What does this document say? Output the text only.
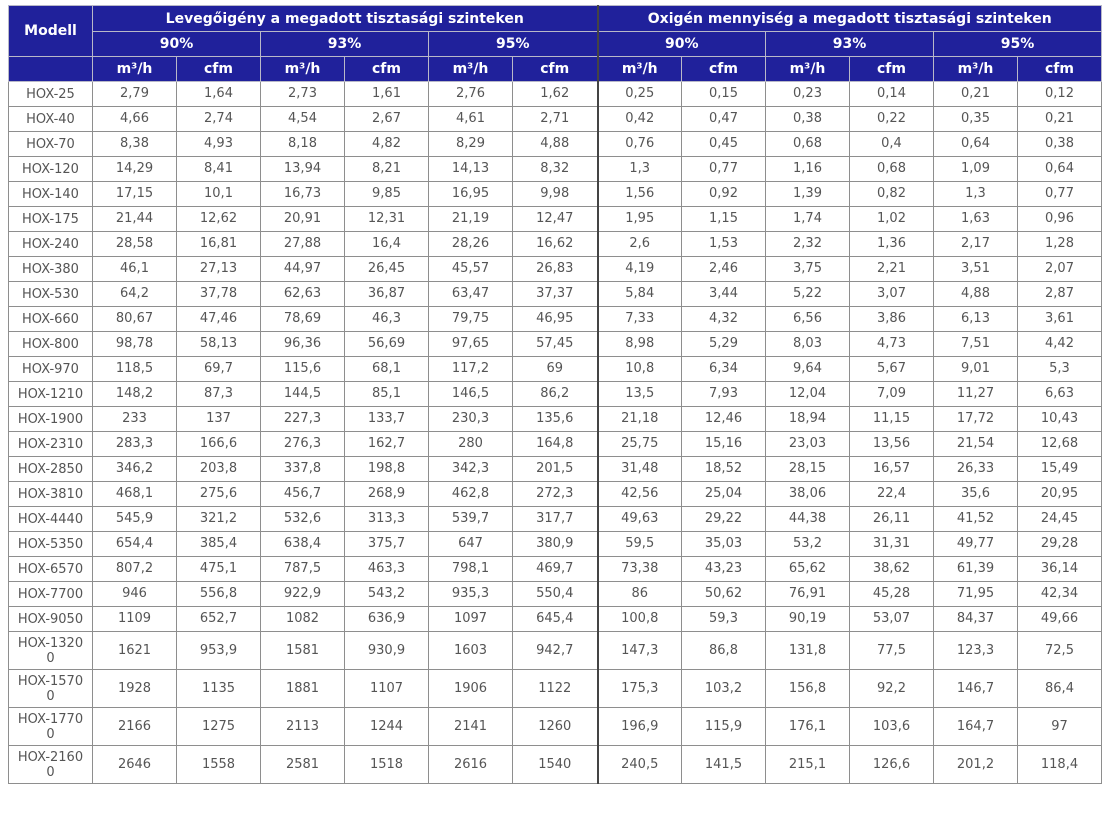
Modell	Levegőigény a megadott tisztasági szinteken						Oxigén mennyiség a megadott tisztasági szinteken					
	90%		93%		95%		90%		93%		95%	
	m³/h	cfm	m³/h	cfm	m³/h	cfm	m³/h	cfm	m³/h	cfm	m³/h	cfm
HOX-25	2,79	1,64	2,73	1,61	2,76	1,62	0,25	0,15	0,23	0,14	0,21	0,12
HOX-40	4,66	2,74	4,54	2,67	4,61	2,71	0,42	0,47	0,38	0,22	0,35	0,21
HOX-70	8,38	4,93	8,18	4,82	8,29	4,88	0,76	0,45	0,68	0,4	0,64	0,38
HOX-120	14,29	8,41	13,94	8,21	14,13	8,32	1,3	0,77	1,16	0,68	1,09	0,64
HOX-140	17,15	10,1	16,73	9,85	16,95	9,98	1,56	0,92	1,39	0,82	1,3	0,77
HOX-175	21,44	12,62	20,91	12,31	21,19	12,47	1,95	1,15	1,74	1,02	1,63	0,96
HOX-240	28,58	16,81	27,88	16,4	28,26	16,62	2,6	1,53	2,32	1,36	2,17	1,28
HOX-380	46,1	27,13	44,97	26,45	45,57	26,83	4,19	2,46	3,75	2,21	3,51	2,07
HOX-530	64,2	37,78	62,63	36,87	63,47	37,37	5,84	3,44	5,22	3,07	4,88	2,87
HOX-660	80,67	47,46	78,69	46,3	79,75	46,95	7,33	4,32	6,56	3,86	6,13	3,61
HOX-800	98,78	58,13	96,36	56,69	97,65	57,45	8,98	5,29	8,03	4,73	7,51	4,42
HOX-970	118,5	69,7	115,6	68,1	117,2	69	10,8	6,34	9,64	5,67	9,01	5,3
HOX-1210	148,2	87,3	144,5	85,1	146,5	86,2	13,5	7,93	12,04	7,09	11,27	6,63
HOX-1900	233	137	227,3	133,7	230,3	135,6	21,18	12,46	18,94	11,15	17,72	10,43
HOX-2310	283,3	166,6	276,3	162,7	280	164,8	25,75	15,16	23,03	13,56	21,54	12,68
HOX-2850	346,2	203,8	337,8	198,8	342,3	201,5	31,48	18,52	28,15	16,57	26,33	15,49
HOX-3810	468,1	275,6	456,7	268,9	462,8	272,3	42,56	25,04	38,06	22,4	35,6	20,95
HOX-4440	545,9	321,2	532,6	313,3	539,7	317,7	49,63	29,22	44,38	26,11	41,52	24,45
HOX-5350	654,4	385,4	638,4	375,7	647	380,9	59,5	35,03	53,2	31,31	49,77	29,28
HOX-6570	807,2	475,1	787,5	463,3	798,1	469,7	73,38	43,23	65,62	38,62	61,39	36,14
HOX-7700	946	556,8	922,9	543,2	935,3	550,4	86	50,62	76,91	45,28	71,95	42,34
HOX-9050	1109	652,7	1082	636,9	1097	645,4	100,8	59,3	90,19	53,07	84,37	49,66
HOX-13200	1621	953,9	1581	930,9	1603	942,7	147,3	86,8	131,8	77,5	123,3	72,5
HOX-15700	1928	1135	1881	1107	1906	1122	175,3	103,2	156,8	92,2	146,7	86,4
HOX-17700	2166	1275	2113	1244	2141	1260	196,9	115,9	176,1	103,6	164,7	97
HOX-21600	2646	1558	2581	1518	2616	1540	240,5	141,5	215,1	126,6	201,2	118,4
